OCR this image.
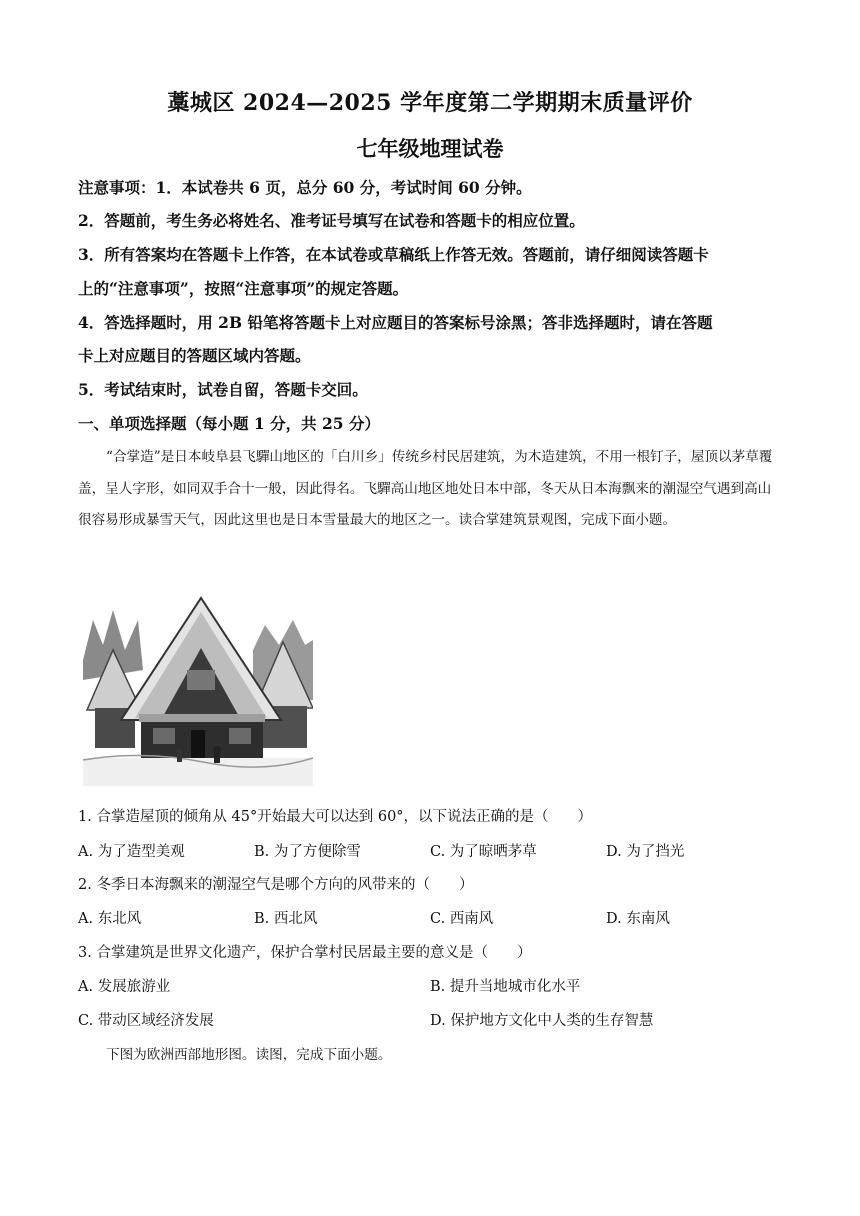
藁城区 2024—2025 学年度第二学期期末质量评价
七年级地理试卷
注意事项：1．本试卷共 6 页，总分 60 分，考试时间 60 分钟。
2．答题前，考生务必将姓名、准考证号填写在试卷和答题卡的相应位置。
3．所有答案均在答题卡上作答，在本试卷或草稿纸上作答无效。答题前，请仔细阅读答题卡
上的“注意事项”，按照“注意事项”的规定答题。
4．答选择题时，用 2B 铅笔将答题卡上对应题目的答案标号涂黑；答非选择题时，请在答题
卡上对应题目的答题区域内答题。
5．考试结束时，试卷自留，答题卡交回。
一、单项选择题（每小题 1 分，共 25 分）
“合掌造”是日本岐阜县飞驒山地区的「白川乡」传统乡村民居建筑，为木造建筑，不用一根钉子，屋顶以茅草覆盖，呈人字形，如同双手合十一般，因此得名。飞驒高山地区地处日本中部，冬天从日本海飘来的潮湿空气遇到高山很容易形成暴雪天气，因此这里也是日本雪量最大的地区之一。读合掌建筑景观图，完成下面小题。
1. 合掌造屋顶的倾角从 45°开始最大可以达到 60°，以下说法正确的是（　　）
A. 为了造型美观	B. 为了方便除雪	C. 为了晾晒茅草	D. 为了挡光
2. 冬季日本海飘来的潮湿空气是哪个方向的风带来的（　　）
A. 东北风	B. 西北风	C. 西南风	D. 东南风
3. 合掌建筑是世界文化遗产，保护合掌村民居最主要的意义是（　　）
A. 发展旅游业	B. 提升当地城市化水平
C. 带动区域经济发展	D. 保护地方文化中人类的生存智慧
下图为欧洲西部地形图。读图，完成下面小题。
